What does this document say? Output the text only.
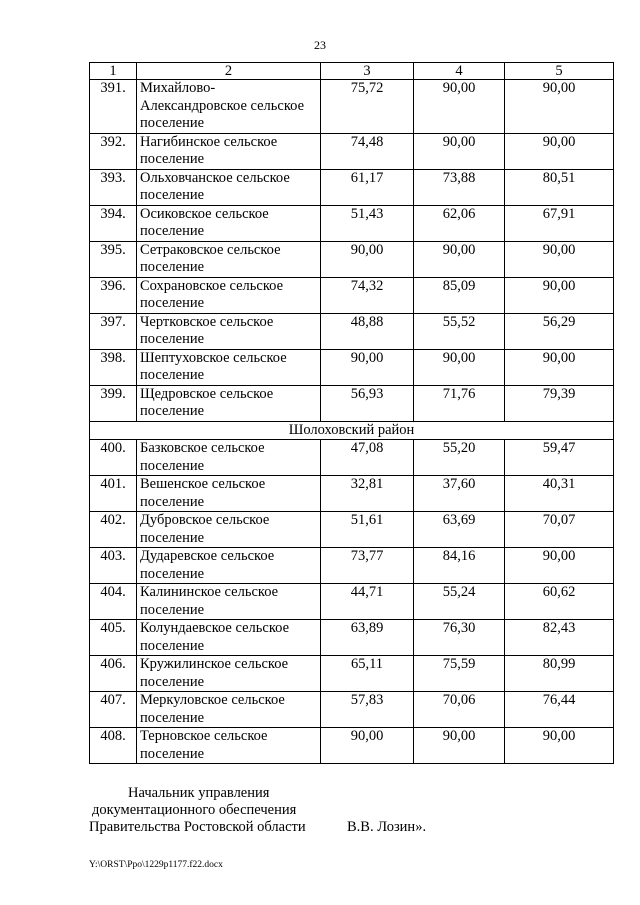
23
1	2	3	4	5
391.	Михайлово-Александровское сельское поселение	75,72	90,00	90,00
392.	Нагибинское сельское поселение	74,48	90,00	90,00
393.	Ольховчанское сельское поселение	61,17	73,88	80,51
394.	Осиковское сельское поселение	51,43	62,06	67,91
395.	Сетраковское сельское поселение	90,00	90,00	90,00
396.	Сохрановское сельское поселение	74,32	85,09	90,00
397.	Чертковское сельское поселение	48,88	55,52	56,29
398.	Шептуховское сельское поселение	90,00	90,00	90,00
399.	Щедровское сельское поселение	56,93	71,76	79,39
Шолоховский район				
400.	Базковское сельское поселение	47,08	55,20	59,47
401.	Вешенское сельское поселение	32,81	37,60	40,31
402.	Дубровское сельское поселение	51,61	63,69	70,07
403.	Дударевское сельское поселение	73,77	84,16	90,00
404.	Калининское сельское поселение	44,71	55,24	60,62
405.	Колундаевское сельское поселение	63,89	76,30	82,43
406.	Кружилинское сельское поселение	65,11	75,59	80,99
407.	Меркуловское сельское поселение	57,83	70,06	76,44
408.	Терновское сельское поселение	90,00	90,00	90,00
Начальник управления
документационного обеспечения
Правительства Ростовской области	В.В. Лозин».
Y:\ORST\Ppo\1229p1177.f22.docx
